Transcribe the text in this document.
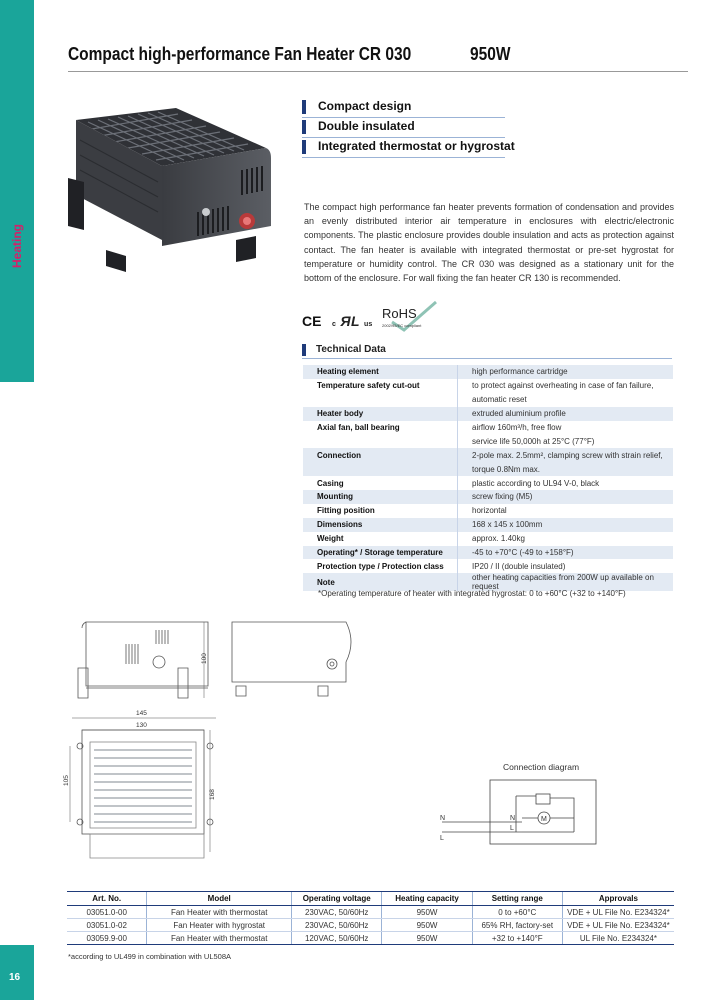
Heating
16
Compact high-performance Fan Heater CR 030	950W
Compact design
Double insulated
Integrated thermostat or hygrostat
The compact high performance fan heater prevents formation of condensation and provides an evenly distributed interior air temperature in enclosures with electric/electronic components. The plastic enclosure provides double insulation and acts as protection against contact. The fan heater is available with integrated thermostat or pre-set hygrostat for temperature or humidity control. The CR 030 was designed as a stationary unit for the bottom of the enclosure. For wall fixing the fan heater CR 130 is recommended.
CE c Я L us
RoHS
2002/95/EC compliant
Technical Data
Heating element	high performance cartridge
Temperature safety cut-out	to protect against overheating in case of fan failure,
	automatic reset
Heater body	extruded aluminium profile
Axial fan, ball bearing	airflow 160m³/h, free flow
	service life 50,000h at 25°C (77°F)
Connection	2-pole max. 2.5mm², clamping screw with strain relief,
	torque 0.8Nm max.
Casing	plastic according to UL94 V-0, black
Mounting	screw fixing (M5)
Fitting position	horizontal
Dimensions	168 x 145 x 100mm
Weight	approx. 1.40kg
Operating* / Storage temperature	-45 to +70°C (-49 to +158°F)
Protection type / Protection class	IP20 / II (double insulated)
Note	other heating capacities from 200W up available on request
*Operating temperature of heater with integrated hygrostat: 0 to +60°C (+32 to +140°F)
100
145
130
105
168
Connection diagram
N
L
N
L
M
Art. No.	Model	Operating voltage	Heating capacity	Setting range	Approvals
03051.0-00	Fan Heater with thermostat	230VAC, 50/60Hz	950W	0 to +60°C	VDE + UL File No. E234324*
03051.0-02	Fan Heater with hygrostat	230VAC, 50/60Hz	950W	65% RH, factory-set	VDE + UL File No. E234324*
03059.9-00	Fan Heater with thermostat	120VAC, 50/60Hz	950W	+32 to +140°F	UL File No. E234324*
*according to UL499 in combination with UL508A
